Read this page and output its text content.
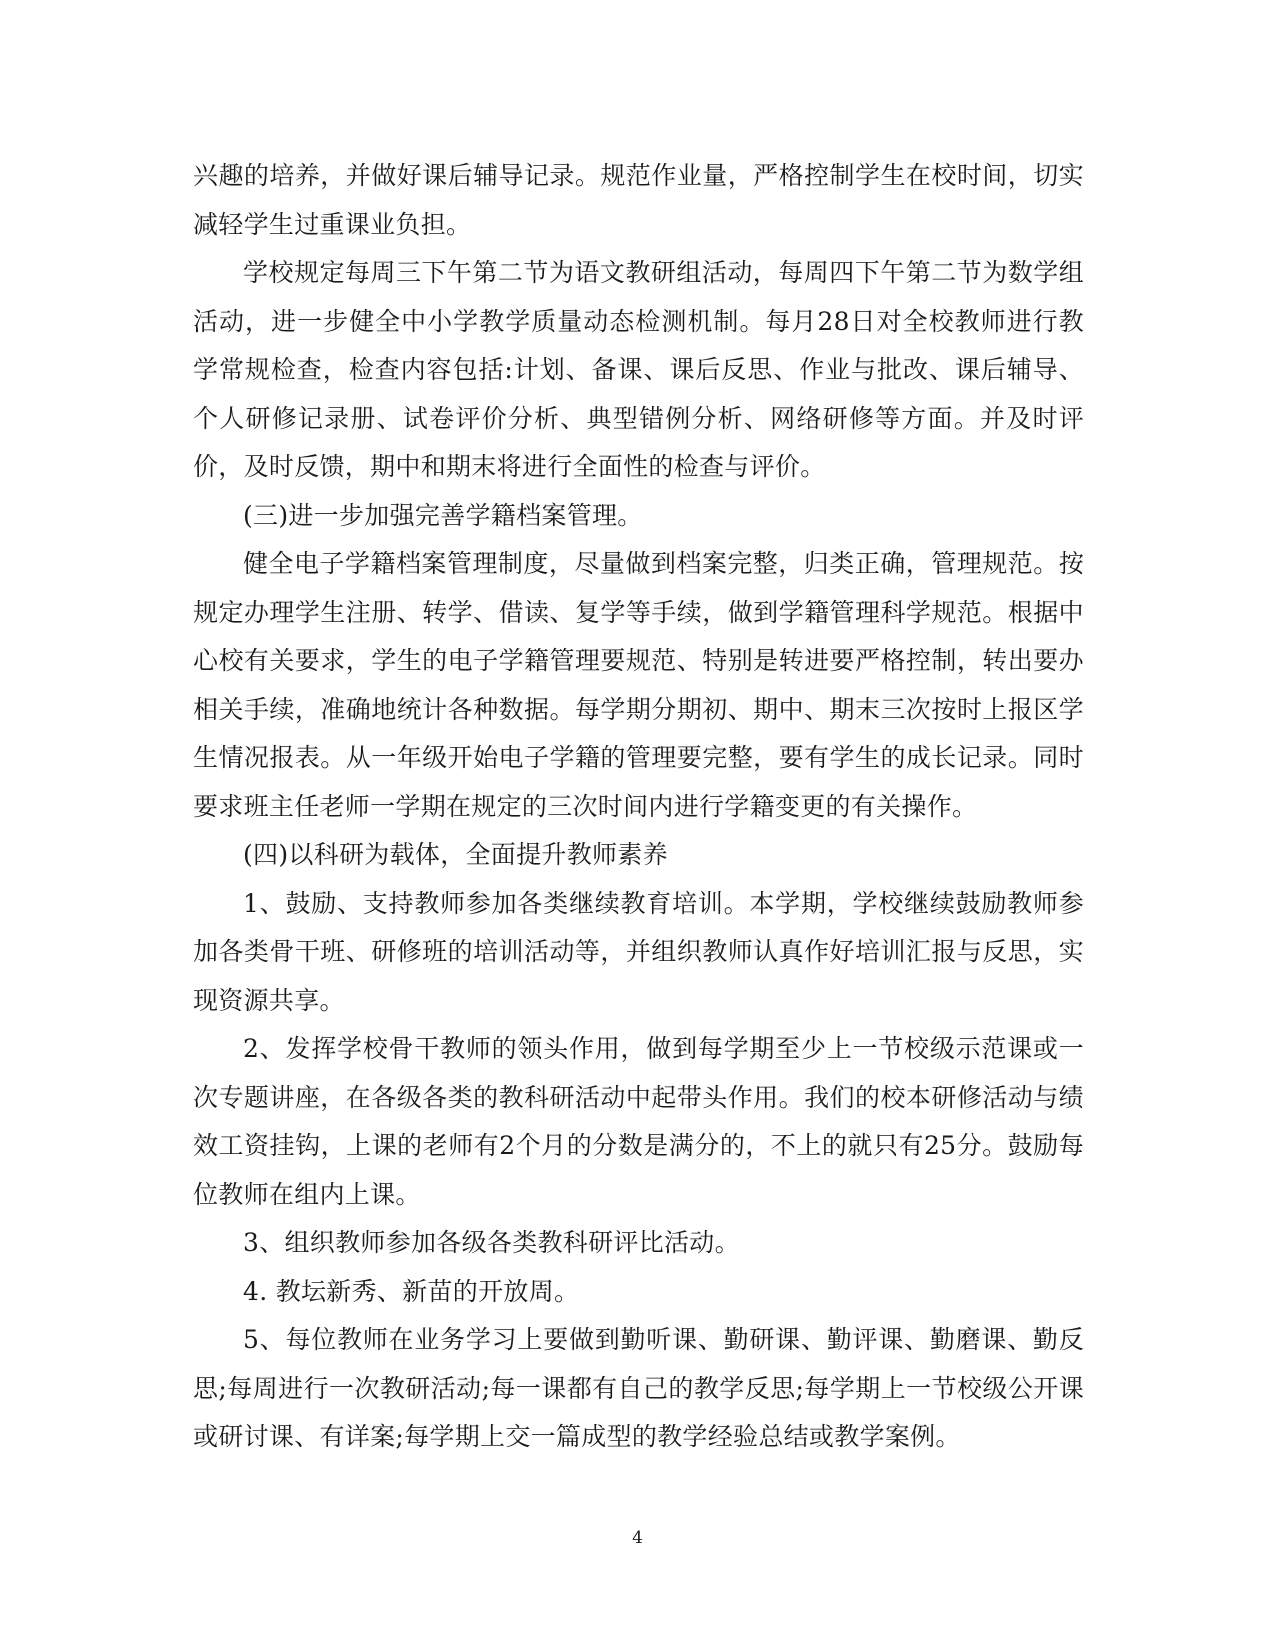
兴趣的培养，并做好课后辅导记录。规范作业量，严格控制学生在校时间，切实减轻学生过重课业负担。

学校规定每周三下午第二节为语文教研组活动，每周四下午第二节为数学组活动，进一步健全中小学教学质量动态检测机制。每月28日对全校教师进行教学常规检查，检查内容包括:计划、备课、课后反思、作业与批改、课后辅导、个人研修记录册、试卷评价分析、典型错例分析、网络研修等方面。并及时评价，及时反馈，期中和期末将进行全面性的检查与评价。

(三)进一步加强完善学籍档案管理。

健全电子学籍档案管理制度，尽量做到档案完整，归类正确，管理规范。按规定办理学生注册、转学、借读、复学等手续，做到学籍管理科学规范。根据中心校有关要求，学生的电子学籍管理要规范、特别是转进要严格控制，转出要办相关手续，准确地统计各种数据。每学期分期初、期中、期末三次按时上报区学生情况报表。从一年级开始电子学籍的管理要完整，要有学生的成长记录。同时要求班主任老师一学期在规定的三次时间内进行学籍变更的有关操作。

(四)以科研为载体，全面提升教师素养

1、鼓励、支持教师参加各类继续教育培训。本学期，学校继续鼓励教师参加各类骨干班、研修班的培训活动等，并组织教师认真作好培训汇报与反思，实现资源共享。

2、发挥学校骨干教师的领头作用，做到每学期至少上一节校级示范课或一次专题讲座，在各级各类的教科研活动中起带头作用。我们的校本研修活动与绩效工资挂钩，上课的老师有2个月的分数是满分的，不上的就只有25分。鼓励每位教师在组内上课。

3、组织教师参加各级各类教科研评比活动。

4. 教坛新秀、新苗的开放周。

5、每位教师在业务学习上要做到勤听课、勤研课、勤评课、勤磨课、勤反思;每周进行一次教研活动;每一课都有自己的教学反思;每学期上一节校级公开课或研讨课、有详案;每学期上交一篇成型的教学经验总结或教学案例。

4
